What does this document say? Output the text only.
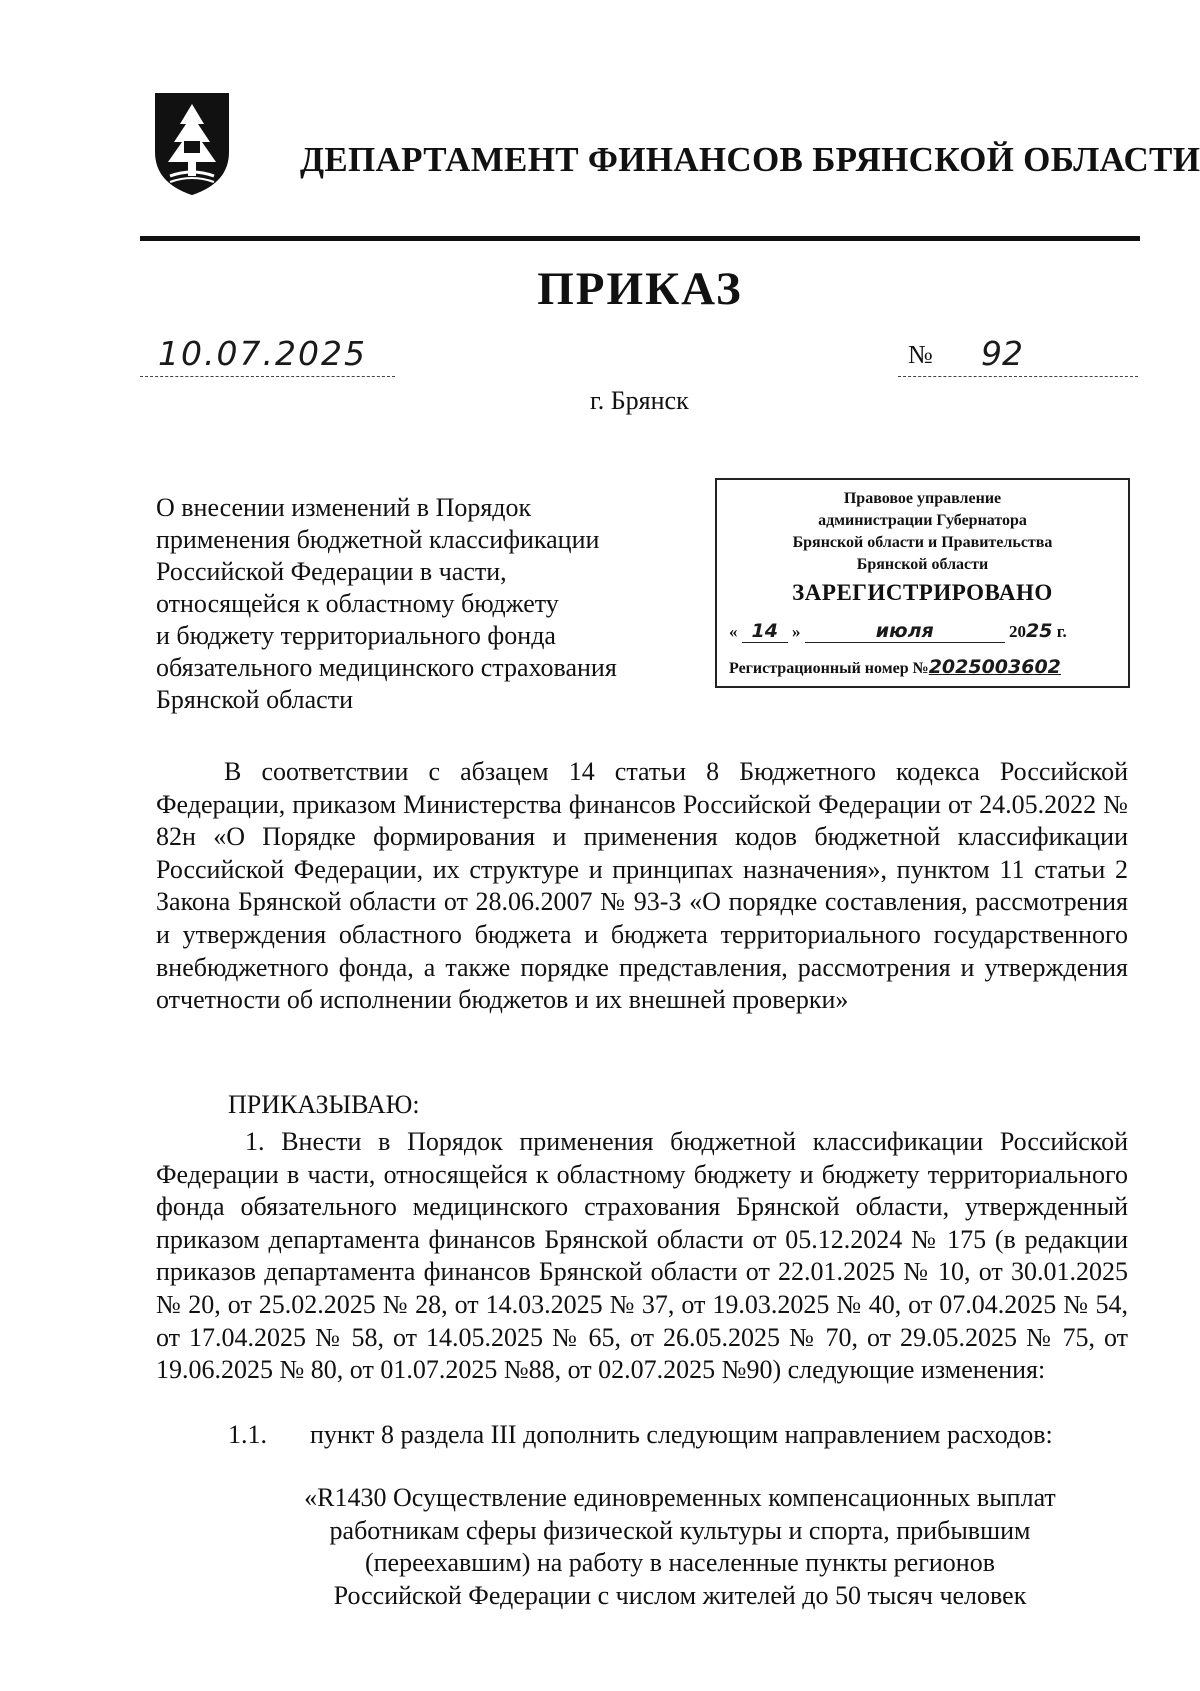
ДЕПАРТАМЕНТ ФИНАНСОВ БРЯНСКОЙ ОБЛАСТИ
ПРИКАЗ
10.07.2025	№ 92
г. Брянск
О внесении изменений в Порядок
применения бюджетной классификации
Российской Федерации в части,
относящейся к областному бюджету
и бюджету территориального фонда
обязательного медицинского страхования
Брянской области
Правовое управление
администрации Губернатора
Брянской области и Правительства
Брянской области
ЗАРЕГИСТРИРОВАНО
« 14 »	июля	2025 г.
Регистрационный номер №2025003602

В соответствии с абзацем 14 статьи 8 Бюджетного кодекса Российской Федерации, приказом Министерства финансов Российской Федерации от 24.05.2022 № 82н «О Порядке формирования и применения кодов бюджетной классификации Российской Федерации, их структуре и принципах назначения», пунктом 11 статьи 2 Закона Брянской области от 28.06.2007 № 93-З «О порядке составления, рассмотрения и утверждения областного бюджета и бюджета территориального государственного внебюджетного фонда, а также порядке представления, рассмотрения и утверждения отчетности об исполнении бюджетов и их внешней проверки»

ПРИКАЗЫВАЮ:

1. Внести в Порядок применения бюджетной классификации Российской Федерации в части, относящейся к областному бюджету и бюджету территориального фонда обязательного медицинского страхования Брянской области, утвержденный приказом департамента финансов Брянской области от 05.12.2024 № 175 (в редакции приказов департамента финансов Брянской области от 22.01.2025 № 10, от 30.01.2025 № 20, от 25.02.2025 № 28, от 14.03.2025 № 37, от 19.03.2025 № 40, от 07.04.2025 № 54, от 17.04.2025 № 58, от 14.05.2025 № 65, от 26.05.2025 № 70, от 29.05.2025 № 75, от 19.06.2025 № 80, от 01.07.2025 №88, от 02.07.2025 №90) следующие изменения:

1.1. пункт 8 раздела III дополнить следующим направлением расходов:
«R1430 Осуществление единовременных компенсационных выплат
работникам сферы физической культуры и спорта, прибывшим
(переехавшим) на работу в населенные пункты регионов
Российской Федерации с числом жителей до 50 тысяч человек
